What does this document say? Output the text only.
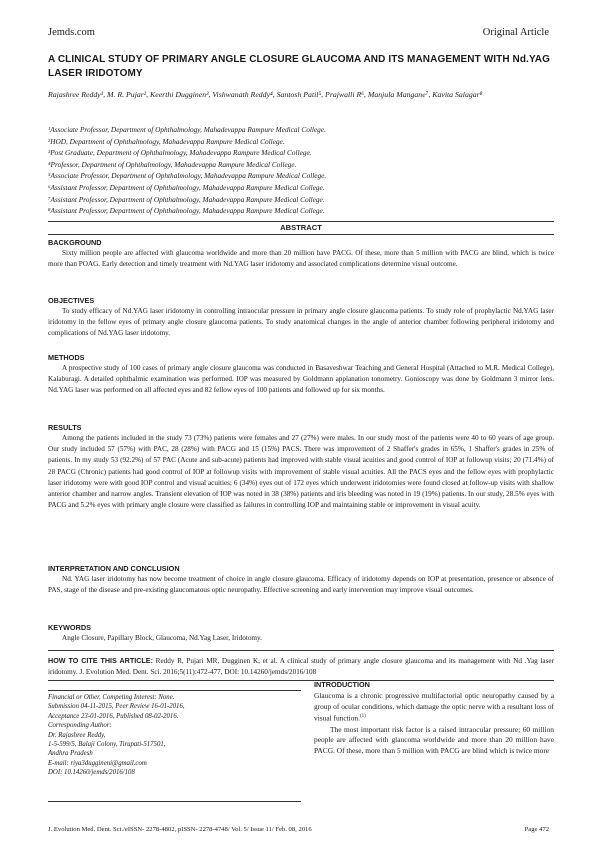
Jemds.com	Original Article
A CLINICAL STUDY OF PRIMARY ANGLE CLOSURE GLAUCOMA AND ITS MANAGEMENT WITH Nd.YAG LASER IRIDOTOMY
Rajashree Reddy¹, M. R. Pujar², Keerthi Dugginen³, Vishwanath Reddy⁴, Santosh Patil⁵, Prajwalli R⁶, Manjula Mangane⁷, Kavita Salagar⁸
¹Associate Professor, Department of Ophthalmology, Mahadevappa Rampure Medical College.
²HOD, Department of Ophthalmology, Mahadevappa Rampure Medical College.
³Post Graduate, Department of Ophthalmology, Mahadevappa Rampure Medical College.
⁴Professor, Department of Ophthalmology, Mahadevappa Rampure Medical College.
⁵Associate Professor, Department of Ophthalmology, Mahadevappa Rampure Medical College.
⁶Assistant Professor, Department of Ophthalmology, Mahadevappa Rampure Medical College.
⁷Assistant Professor, Department of Ophthalmology, Mahadevappa Rampure Medical College.
⁸Assistant Professor, Department of Ophthalmology, Mahadevappa Rampure Medical College.
ABSTRACT

BACKGROUND

Sixty million people are affected with glaucoma worldwide and more than 20 million have PACG. Of these, more than 5 million with PACG are blind, which is twice more than POAG. Early detection and timely treatment with Nd.YAG laser iridotomy and associated complications determine visual outcome.

OBJECTIVES

To study efficacy of Nd.YAG laser iridotomy in controlling intraocular pressure in primary angle closure glaucoma patients. To study role of prophylactic Nd.YAG laser iridotomy in the fellow eyes of primary angle closure glaucoma patients. To study anatomical changes in the angle of anterior chamber following peripheral iridotomy and complications of Nd.YAG laser iridotomy.

METHODS

A prospective study of 100 cases of primary angle closure glaucoma was conducted in Basaveshwar Teaching and General Hospital (Attached to M.R. Medical College), Kalaburagi. A detailed ophthalmic examination was performed. IOP was measured by Goldmann applanation tonometry. Gonioscopy was done by Goldmann 3 mirror lens. Nd.YAG laser was performed on all affected eyes and 82 fellow eyes of 100 patients and followed up for six months.

RESULTS

Among the patients included in the study 73 (73%) patients were females and 27 (27%) were males. In our study most of the patients were 40 to 60 years of age group. Our study included 57 (57%) with PAC, 28 (28%) with PACG and 15 (15%) PACS. There was improvement of 2 Shaffer's grades in 65%, 1 Shaffer's grades in 25% of patients. In my study 53 (92.2%) of 57 PAC (Acute and sub-acute) patients had improved with stable visual acuities and good control of IOP at followup visits; 20 (71.4%) of 28 PACG (Chronic) patients had good control of IOP at followup visits with improvement of stable visual acuities. All the PACS eyes and the fellow eyes with prophylactic laser iridotomy were with good IOP control and visual acuities; 6 (34%) eyes out of 172 eyes which underwent iridotomies were found closed at follow-up visits with shallow anterior chamber and narrow angles. Transient elevation of IOP was noted in 38 (38%) patients and iris bleeding was noted in 19 (19%) patients. In our study, 28.5% eyes with PACG and 5.2% eyes with primary angle closure were classified as failures in controlling IOP and maintaining stable or improvement in visual acuity.

INTERPRETATION AND CONCLUSION

Nd. YAG laser iridotomy has now become treatment of choice in angle closure glaucoma. Efficacy of iridotomy depends on IOP at presentation, presence or absence of PAS, stage of the disease and pre-existing glaucomatous optic neuropathy. Effective screening and early intervention may improve visual outcomes.

KEYWORDS

Angle Closure, Papillary Block, Glaucoma, Nd.Yag Laser, Iridotomy.

HOW TO CITE THIS ARTICLE: Reddy R, Pujari MR, Dugginen K, et al. A clinical study of primary angle closure glaucoma and its management with Nd .Yag laser iridotomy. J. Evolution Med. Dent. Sci. 2016;5(11):472-477, DOI: 10.14260/jemds/2016/108
Financial or Other, Competing Interest: None.
Submission 04-11-2015, Peer Review 16-01-2016,
Acceptance 23-01-2016, Published 08-02-2016.
Corresponding Author:
Dr. Rajashree Reddy,
1-5-599/5, Balaji Colony, Tirupati-517501,
Andhra Pradesh
E-mail: riya3duggineni@gmail.com
DOI: 10.14260/jemds/2016/108
INTRODUCTION

Glaucoma is a chronic progressive multifactorial optic neuropathy caused by a group of ocular conditions, which damage the optic nerve with a resultant loss of visual function.$^{(1)}$

The most important risk factor is a raised intraocular pressure; 60 million people are affected with glaucoma worldwide and more than 20 million have PACG. Of these, more than 5 million with PACG are blind which is twice more

J. Evolution Med. Dent. Sci./eISSN- 2278-4802, pISSN- 2278-4748/ Vol. 5/ Issue 11/ Feb. 08, 2016	Page 472
